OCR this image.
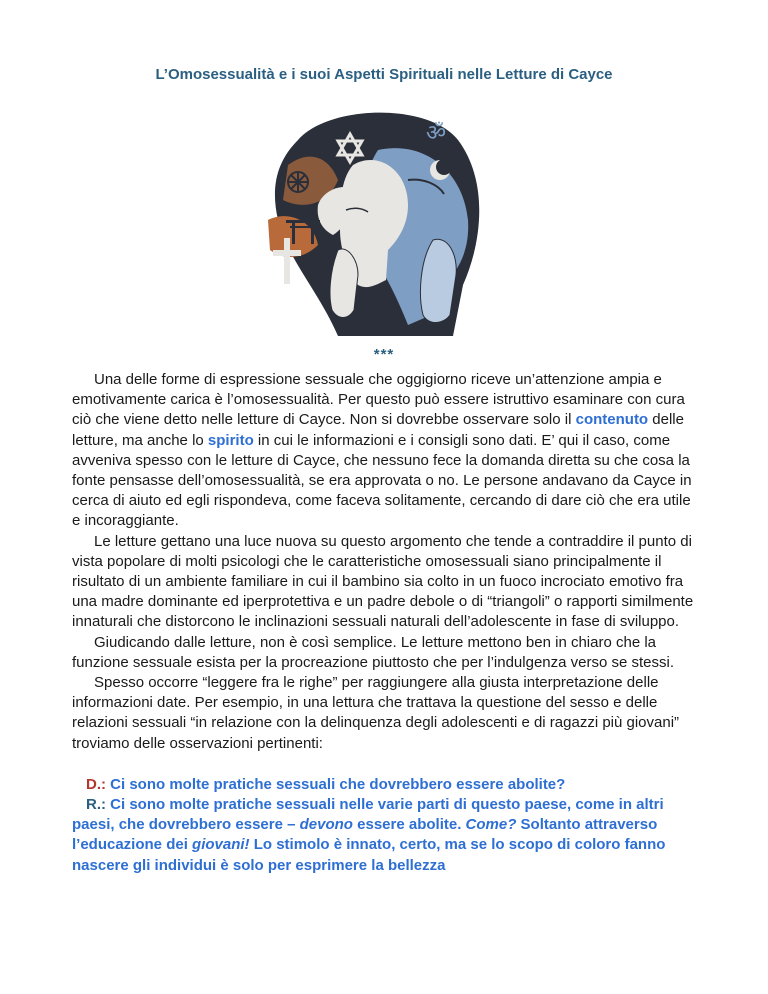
L’Omosessualità e i suoi Aspetti Spirituali nelle Letture di Cayce
ॐ
***

Una delle forme di espressione sessuale che oggigiorno riceve un’attenzione ampia e emotivamente carica è l’omosessualità. Per questo può essere istruttivo esaminare con cura ciò che viene detto nelle letture di Cayce. Non si dovrebbe osservare solo il contenuto delle letture, ma anche lo spirito in cui le informazioni e i consigli sono dati. E’ qui il caso, come avveniva spesso con le letture di Cayce, che nessuno fece la domanda diretta su che cosa la fonte pensasse dell’omosessualità, se era approvata o no. Le persone andavano da Cayce in cerca di aiuto ed egli rispondeva, come faceva solitamente, cercando di dare ciò che era utile e incoraggiante.

Le letture gettano una luce nuova su questo argomento che tende a contraddire il punto di vista popolare di molti psicologi che le caratteristiche omosessuali siano principalmente il risultato di un ambiente familiare in cui il bambino sia colto in un fuoco incrociato emotivo fra una madre dominante ed iperprotettiva e un padre debole o di “triangoli” o rapporti similmente innaturali che distorcono le inclinazioni sessuali naturali dell’adolescente in fase di sviluppo.

Giudicando dalle letture, non è così semplice. Le letture mettono ben in chiaro che la funzione sessuale esista per la procreazione piuttosto che per l’indulgenza verso se stessi.

Spesso occorre “leggere fra le righe” per raggiungere alla giusta interpretazione delle informazioni date. Per esempio, in una lettura che trattava la questione del sesso e delle relazioni sessuali “in relazione con la delinquenza degli adolescenti e di ragazzi più giovani” troviamo delle osservazioni pertinenti:

D.: Ci sono molte pratiche sessuali che dovrebbero essere abolite?

R.: Ci sono molte pratiche sessuali nelle varie parti di questo paese, come in altri paesi, che dovrebbero essere – devono essere abolite. Come? Soltanto attraverso l’educazione dei giovani! Lo stimolo è innato, certo, ma se lo scopo di coloro fanno nascere gli individui è solo per esprimere la bellezza
